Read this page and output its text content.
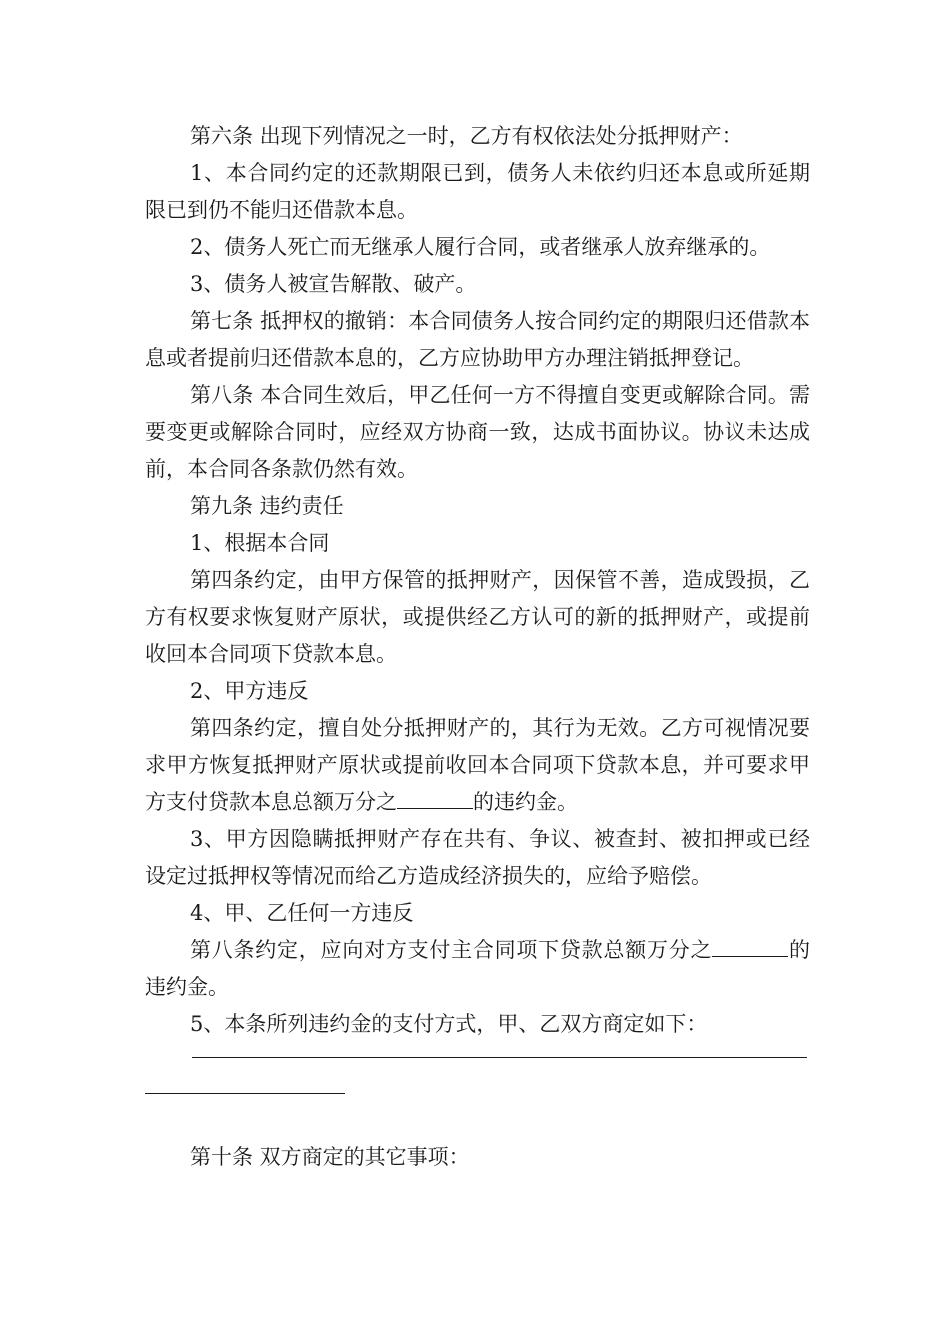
第六条 出现下列情况之一时，乙方有权依法处分抵押财产：

1、本合同约定的还款期限已到，债务人未依约归还本息或所延期限已到仍不能归还借款本息。

2、债务人死亡而无继承人履行合同，或者继承人放弃继承的。

3、债务人被宣告解散、破产。

第七条 抵押权的撤销：本合同债务人按合同约定的期限归还借款本息或者提前归还借款本息的，乙方应协助甲方办理注销抵押登记。

第八条 本合同生效后，甲乙任何一方不得擅自变更或解除合同。需要变更或解除合同时，应经双方协商一致，达成书面协议。协议未达成前，本合同各条款仍然有效。

第九条 违约责任

1、根据本合同

第四条约定，由甲方保管的抵押财产，因保管不善，造成毁损，乙方有权要求恢复财产原状，或提供经乙方认可的新的抵押财产，或提前收回本合同项下贷款本息。

2、甲方违反

第四条约定，擅自处分抵押财产的，其行为无效。乙方可视情况要求甲方恢复抵押财产原状或提前收回本合同项下贷款本息，并可要求甲方支付贷款本息总额万分之	的违约金。

3、甲方因隐瞒抵押财产存在共有、争议、被查封、被扣押或已经设定过抵押权等情况而给乙方造成经济损失的，应给予赔偿。

4、甲、乙任何一方违反

第八条约定，应向对方支付主合同项下贷款总额万分之	的违约金。

5、本条所列违约金的支付方式，甲、乙双方商定如下：

第十条 双方商定的其它事项：
